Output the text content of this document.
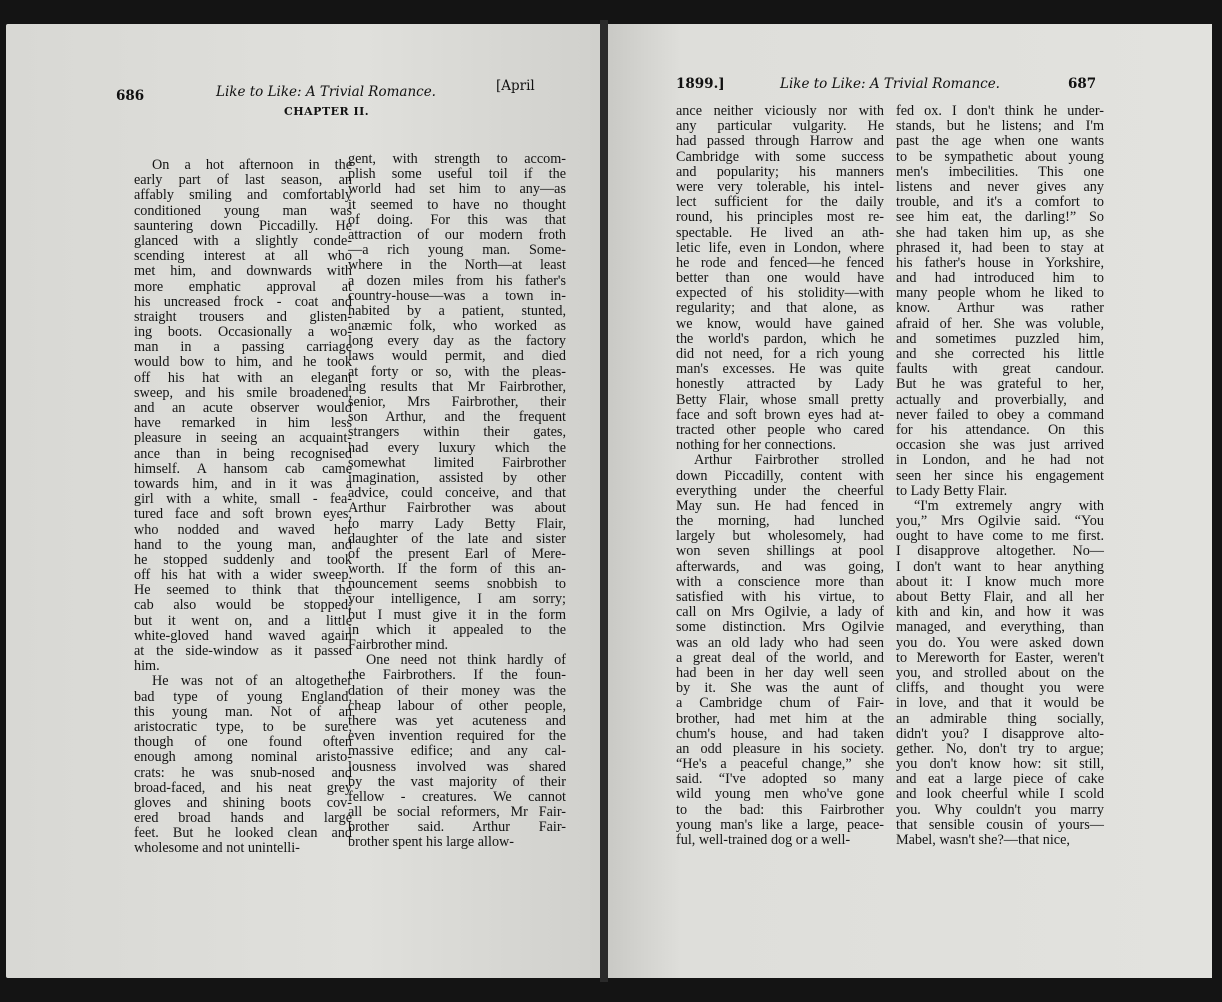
686	Like to Like: A Trivial Romance.	[April
CHAPTER II.
1899.]	Like to Like: A Trivial Romance.	687
On a hot afternoon in the
early part of last season, an
affably smiling and comfortably
conditioned young man was
sauntering down Piccadilly. He
glanced with a slightly conde-
scending interest at all who
met him, and downwards with
more emphatic approval at
his uncreased frock - coat and
straight trousers and glisten-
ing boots. Occasionally a wo-
man in a passing carriage
would bow to him, and he took
off his hat with an elegant
sweep, and his smile broadened,
and an acute observer would
have remarked in him less
pleasure in seeing an acquaint-
ance than in being recognised
himself. A hansom cab came
towards him, and in it was a
girl with a white, small - fea-
tured face and soft brown eyes,
who nodded and waved her
hand to the young man, and
he stopped suddenly and took
off his hat with a wider sweep.
He seemed to think that the
cab also would be stopped;
but it went on, and a little
white-gloved hand waved again
at the side-window as it passed
him.
He was not of an altogether
bad type of young England,
this young man. Not of an
aristocratic type, to be sure,
though of one found often
enough among nominal aristo-
crats: he was snub-nosed and
broad-faced, and his neat grey
gloves and shining boots cov-
ered broad hands and large
feet. But he looked clean and
wholesome and not unintelli-
gent, with strength to accom-
plish some useful toil if the
world had set him to any—as
it seemed to have no thought
of doing. For this was that
attraction of our modern froth
—a rich young man. Some-
where in the North—at least
a dozen miles from his father's
country-house—was a town in-
habited by a patient, stunted,
anæmic folk, who worked as
long every day as the factory
laws would permit, and died
at forty or so, with the pleas-
ing results that Mr Fairbrother,
senior, Mrs Fairbrother, their
son Arthur, and the frequent
strangers within their gates,
had every luxury which the
somewhat limited Fairbrother
imagination, assisted by other
advice, could conceive, and that
Arthur Fairbrother was about
to marry Lady Betty Flair,
daughter of the late and sister
of the present Earl of Mere-
worth. If the form of this an-
nouncement seems snobbish to
your intelligence, I am sorry;
but I must give it in the form
in which it appealed to the
Fairbrother mind.
One need not think hardly of
the Fairbrothers. If the foun-
dation of their money was the
cheap labour of other people,
there was yet acuteness and
even invention required for the
massive edifice; and any cal-
lousness involved was shared
by the vast majority of their
fellow - creatures. We cannot
all be social reformers, Mr Fair-
brother said. Arthur Fair-
brother spent his large allow-
ance neither viciously nor with
any particular vulgarity. He
had passed through Harrow and
Cambridge with some success
and popularity; his manners
were very tolerable, his intel-
lect sufficient for the daily
round, his principles most re-
spectable. He lived an ath-
letic life, even in London, where
he rode and fenced—he fenced
better than one would have
expected of his stolidity—with
regularity; and that alone, as
we know, would have gained
the world's pardon, which he
did not need, for a rich young
man's excesses. He was quite
honestly attracted by Lady
Betty Flair, whose small pretty
face and soft brown eyes had at-
tracted other people who cared
nothing for her connections.
Arthur Fairbrother strolled
down Piccadilly, content with
everything under the cheerful
May sun. He had fenced in
the morning, had lunched
largely but wholesomely, had
won seven shillings at pool
afterwards, and was going,
with a conscience more than
satisfied with his virtue, to
call on Mrs Ogilvie, a lady of
some distinction. Mrs Ogilvie
was an old lady who had seen
a great deal of the world, and
had been in her day well seen
by it. She was the aunt of
a Cambridge chum of Fair-
brother, had met him at the
chum's house, and had taken
an odd pleasure in his society.
“He's a peaceful change,” she
said. “I've adopted so many
wild young men who've gone
to the bad: this Fairbrother
young man's like a large, peace-
ful, well-trained dog or a well-
fed ox. I don't think he under-
stands, but he listens; and I'm
past the age when one wants
to be sympathetic about young
men's imbecilities. This one
listens and never gives any
trouble, and it's a comfort to
see him eat, the darling!” So
she had taken him up, as she
phrased it, had been to stay at
his father's house in Yorkshire,
and had introduced him to
many people whom he liked to
know. Arthur was rather
afraid of her. She was voluble,
and sometimes puzzled him,
and she corrected his little
faults with great candour.
But he was grateful to her,
actually and proverbially, and
never failed to obey a command
for his attendance. On this
occasion she was just arrived
in London, and he had not
seen her since his engagement
to Lady Betty Flair.
“I'm extremely angry with
you,” Mrs Ogilvie said. “You
ought to have come to me first.
I disapprove altogether. No—
I don't want to hear anything
about it: I know much more
about Betty Flair, and all her
kith and kin, and how it was
managed, and everything, than
you do. You were asked down
to Mereworth for Easter, weren't
you, and strolled about on the
cliffs, and thought you were
in love, and that it would be
an admirable thing socially,
didn't you? I disapprove alto-
gether. No, don't try to argue;
you don't know how: sit still,
and eat a large piece of cake
and look cheerful while I scold
you. Why couldn't you marry
that sensible cousin of yours—
Mabel, wasn't she?—that nice,
